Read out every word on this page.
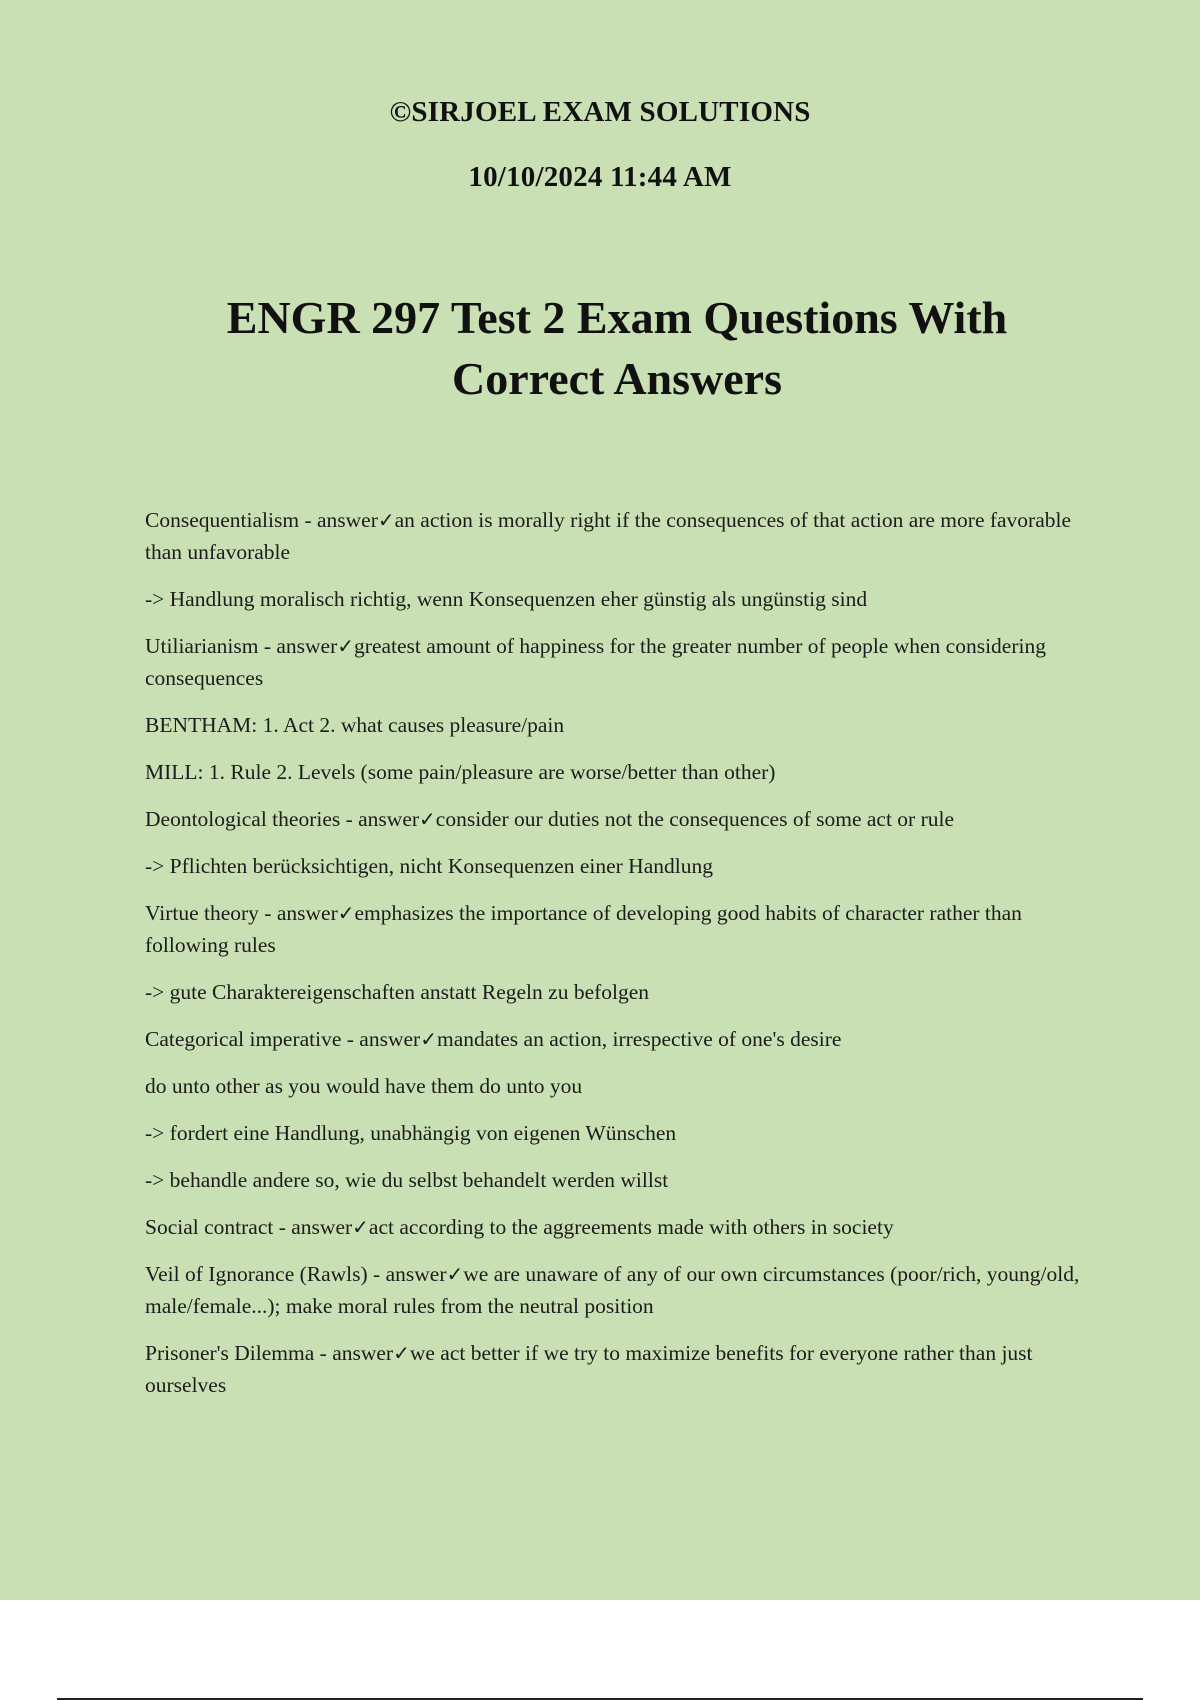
©SIRJOEL EXAM SOLUTIONS
10/10/2024 11:44 AM
ENGR 297 Test 2 Exam Questions With Correct Answers

Consequentialism - answer✓an action is morally right if the consequences of that action are more favorable than unfavorable

-> Handlung moralisch richtig, wenn Konsequenzen eher günstig als ungünstig sind

Utiliarianism - answer✓greatest amount of happiness for the greater number of people when considering consequences

BENTHAM: 1. Act 2. what causes pleasure/pain

MILL: 1. Rule 2. Levels (some pain/pleasure are worse/better than other)

Deontological theories - answer✓consider our duties not the consequences of some act or rule

-> Pflichten berücksichtigen, nicht Konsequenzen einer Handlung

Virtue theory - answer✓emphasizes the importance of developing good habits of character rather than following rules

-> gute Charaktereigenschaften anstatt Regeln zu befolgen

Categorical imperative - answer✓mandates an action, irrespective of one's desire

do unto other as you would have them do unto you

-> fordert eine Handlung, unabhängig von eigenen Wünschen

-> behandle andere so, wie du selbst behandelt werden willst

Social contract - answer✓act according to the aggreements made with others in society

Veil of Ignorance (Rawls) - answer✓we are unaware of any of our own circumstances (poor/rich, young/old, male/female...); make moral rules from the neutral position

Prisoner's Dilemma - answer✓we act better if we try to maximize benefits for everyone rather than just ourselves
